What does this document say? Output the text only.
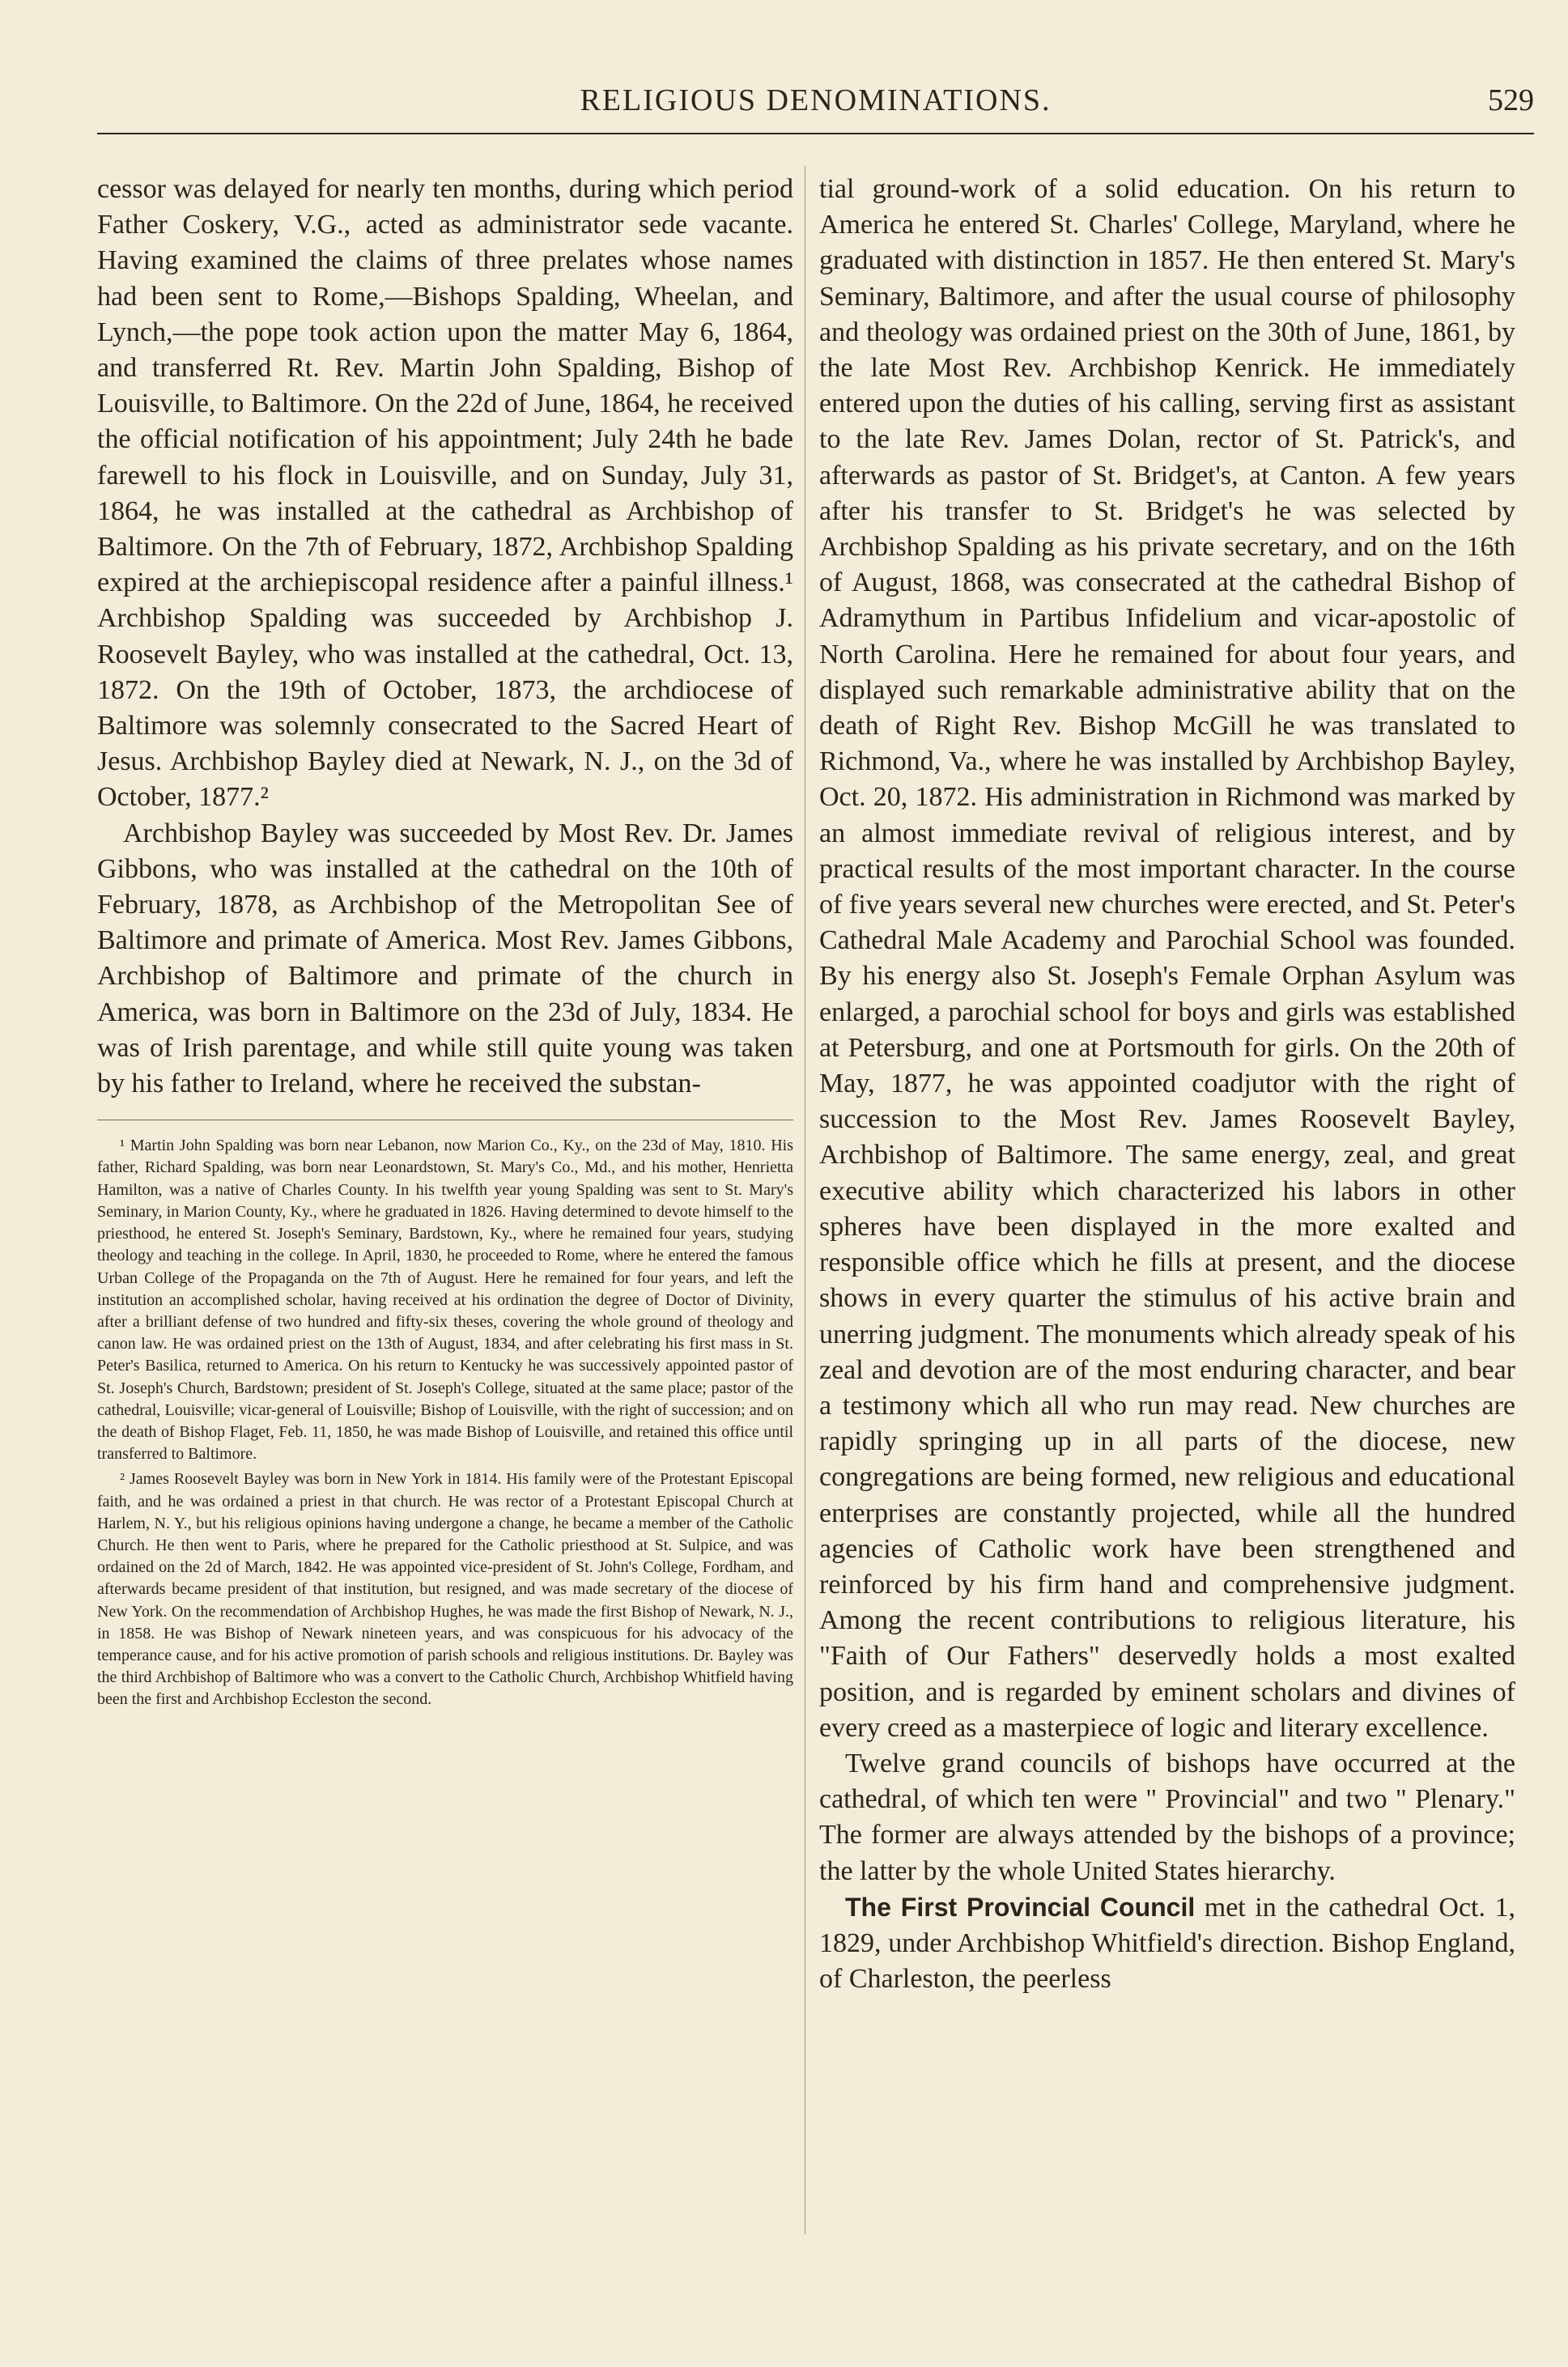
RELIGIOUS DENOMINATIONS.	529

cessor was delayed for nearly ten months, during which period Father Coskery, V.G., acted as administrator sede vacante. Having examined the claims of three prelates whose names had been sent to Rome,—Bishops Spalding, Wheelan, and Lynch,—the pope took action upon the matter May 6, 1864, and transferred Rt. Rev. Martin John Spalding, Bishop of Louisville, to Baltimore. On the 22d of June, 1864, he received the official notification of his appointment; July 24th he bade farewell to his flock in Louisville, and on Sunday, July 31, 1864, he was installed at the cathedral as Archbishop of Baltimore. On the 7th of February, 1872, Archbishop Spalding expired at the archiepiscopal residence after a painful illness.¹ Archbishop Spalding was succeeded by Archbishop J. Roosevelt Bayley, who was installed at the cathedral, Oct. 13, 1872. On the 19th of October, 1873, the archdiocese of Baltimore was solemnly consecrated to the Sacred Heart of Jesus. Archbishop Bayley died at Newark, N. J., on the 3d of October, 1877.²

Archbishop Bayley was succeeded by Most Rev. Dr. James Gibbons, who was installed at the cathedral on the 10th of February, 1878, as Archbishop of the Metropolitan See of Baltimore and primate of America. Most Rev. James Gibbons, Archbishop of Baltimore and primate of the church in America, was born in Baltimore on the 23d of July, 1834. He was of Irish parentage, and while still quite young was taken by his father to Ireland, where he received the substan-

¹ Martin John Spalding was born near Lebanon, now Marion Co., Ky., on the 23d of May, 1810. His father, Richard Spalding, was born near Leonardstown, St. Mary's Co., Md., and his mother, Henrietta Hamilton, was a native of Charles County. In his twelfth year young Spalding was sent to St. Mary's Seminary, in Marion County, Ky., where he graduated in 1826. Having determined to devote himself to the priesthood, he entered St. Joseph's Seminary, Bardstown, Ky., where he remained four years, studying theology and teaching in the college. In April, 1830, he proceeded to Rome, where he entered the famous Urban College of the Propaganda on the 7th of August. Here he remained for four years, and left the institution an accomplished scholar, having received at his ordination the degree of Doctor of Divinity, after a brilliant defense of two hundred and fifty-six theses, covering the whole ground of theology and canon law. He was ordained priest on the 13th of August, 1834, and after celebrating his first mass in St. Peter's Basilica, returned to America. On his return to Kentucky he was successively appointed pastor of St. Joseph's Church, Bardstown; president of St. Joseph's College, situated at the same place; pastor of the cathedral, Louisville; vicar-general of Louisville; Bishop of Louisville, with the right of succession; and on the death of Bishop Flaget, Feb. 11, 1850, he was made Bishop of Louisville, and retained this office until transferred to Baltimore.

² James Roosevelt Bayley was born in New York in 1814. His family were of the Protestant Episcopal faith, and he was ordained a priest in that church. He was rector of a Protestant Episcopal Church at Harlem, N. Y., but his religious opinions having undergone a change, he became a member of the Catholic Church. He then went to Paris, where he prepared for the Catholic priesthood at St. Sulpice, and was ordained on the 2d of March, 1842. He was appointed vice-president of St. John's College, Fordham, and afterwards became president of that institution, but resigned, and was made secretary of the diocese of New York. On the recommendation of Archbishop Hughes, he was made the first Bishop of Newark, N. J., in 1858. He was Bishop of Newark nineteen years, and was conspicuous for his advocacy of the temperance cause, and for his active promotion of parish schools and religious institutions. Dr. Bayley was the third Archbishop of Baltimore who was a convert to the Catholic Church, Archbishop Whitfield having been the first and Archbishop Eccleston the second.

tial ground-work of a solid education. On his return to America he entered St. Charles' College, Maryland, where he graduated with distinction in 1857. He then entered St. Mary's Seminary, Baltimore, and after the usual course of philosophy and theology was ordained priest on the 30th of June, 1861, by the late Most Rev. Archbishop Kenrick. He immediately entered upon the duties of his calling, serving first as assistant to the late Rev. James Dolan, rector of St. Patrick's, and afterwards as pastor of St. Bridget's, at Canton. A few years after his transfer to St. Bridget's he was selected by Archbishop Spalding as his private secretary, and on the 16th of August, 1868, was consecrated at the cathedral Bishop of Adramythum in Partibus Infidelium and vicar-apostolic of North Carolina. Here he remained for about four years, and displayed such remarkable administrative ability that on the death of Right Rev. Bishop McGill he was translated to Richmond, Va., where he was installed by Archbishop Bayley, Oct. 20, 1872. His administration in Richmond was marked by an almost immediate revival of religious interest, and by practical results of the most important character. In the course of five years several new churches were erected, and St. Peter's Cathedral Male Academy and Parochial School was founded. By his energy also St. Joseph's Female Orphan Asylum was enlarged, a parochial school for boys and girls was established at Petersburg, and one at Portsmouth for girls. On the 20th of May, 1877, he was appointed coadjutor with the right of succession to the Most Rev. James Roosevelt Bayley, Archbishop of Baltimore. The same energy, zeal, and great executive ability which characterized his labors in other spheres have been displayed in the more exalted and responsible office which he fills at present, and the diocese shows in every quarter the stimulus of his active brain and unerring judgment. The monuments which already speak of his zeal and devotion are of the most enduring character, and bear a testimony which all who run may read. New churches are rapidly springing up in all parts of the diocese, new congregations are being formed, new religious and educational enterprises are constantly projected, while all the hundred agencies of Catholic work have been strengthened and reinforced by his firm hand and comprehensive judgment. Among the recent contributions to religious literature, his "Faith of Our Fathers" deservedly holds a most exalted position, and is regarded by eminent scholars and divines of every creed as a masterpiece of logic and literary excellence.

Twelve grand councils of bishops have occurred at the cathedral, of which ten were " Provincial" and two " Plenary." The former are always attended by the bishops of a province; the latter by the whole United States hierarchy.

The First Provincial Council met in the cathedral Oct. 1, 1829, under Archbishop Whitfield's direction. Bishop England, of Charleston, the peerless
